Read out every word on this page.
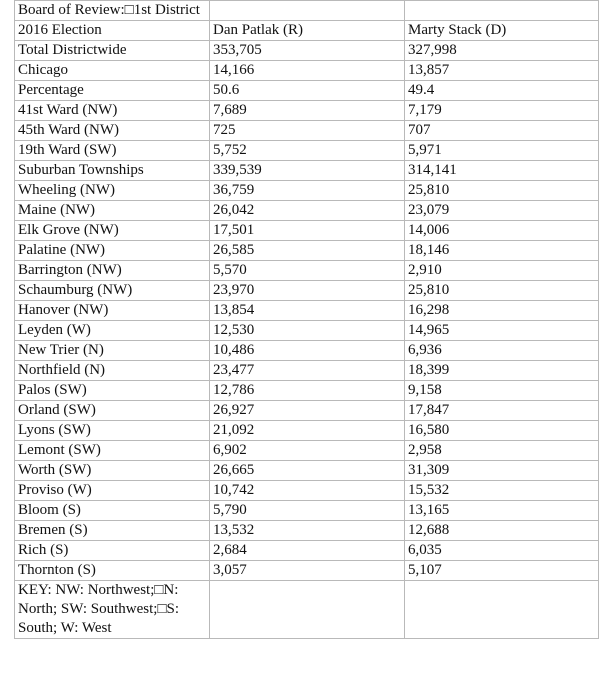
Board of Review:□1st District		
2016 Election	Dan Patlak (R)	Marty Stack (D)
Total Districtwide	353,705	327,998
Chicago	14,166	13,857
Percentage	50.6	49.4
41st Ward (NW)	7,689	7,179
45th Ward (NW)	725	707
19th Ward (SW)	5,752	5,971
Suburban Townships	339,539	314,141
Wheeling (NW)	36,759	25,810
Maine (NW)	26,042	23,079
Elk Grove (NW)	17,501	14,006
Palatine (NW)	26,585	18,146
Barrington (NW)	5,570	2,910
Schaumburg (NW)	23,970	25,810
Hanover (NW)	13,854	16,298
Leyden (W)	12,530	14,965
New Trier (N)	10,486	6,936
Northfield (N)	23,477	18,399
Palos (SW)	12,786	9,158
Orland (SW)	26,927	17,847
Lyons (SW)	21,092	16,580
Lemont (SW)	6,902	2,958
Worth (SW)	26,665	31,309
Proviso (W)	10,742	15,532
Bloom (S)	5,790	13,165
Bremen (S)	13,532	12,688
Rich (S)	2,684	6,035
Thornton (S)	3,057	5,107
KEY: NW: Northwest;□N: North; SW: Southwest;□S: South; W: West		
